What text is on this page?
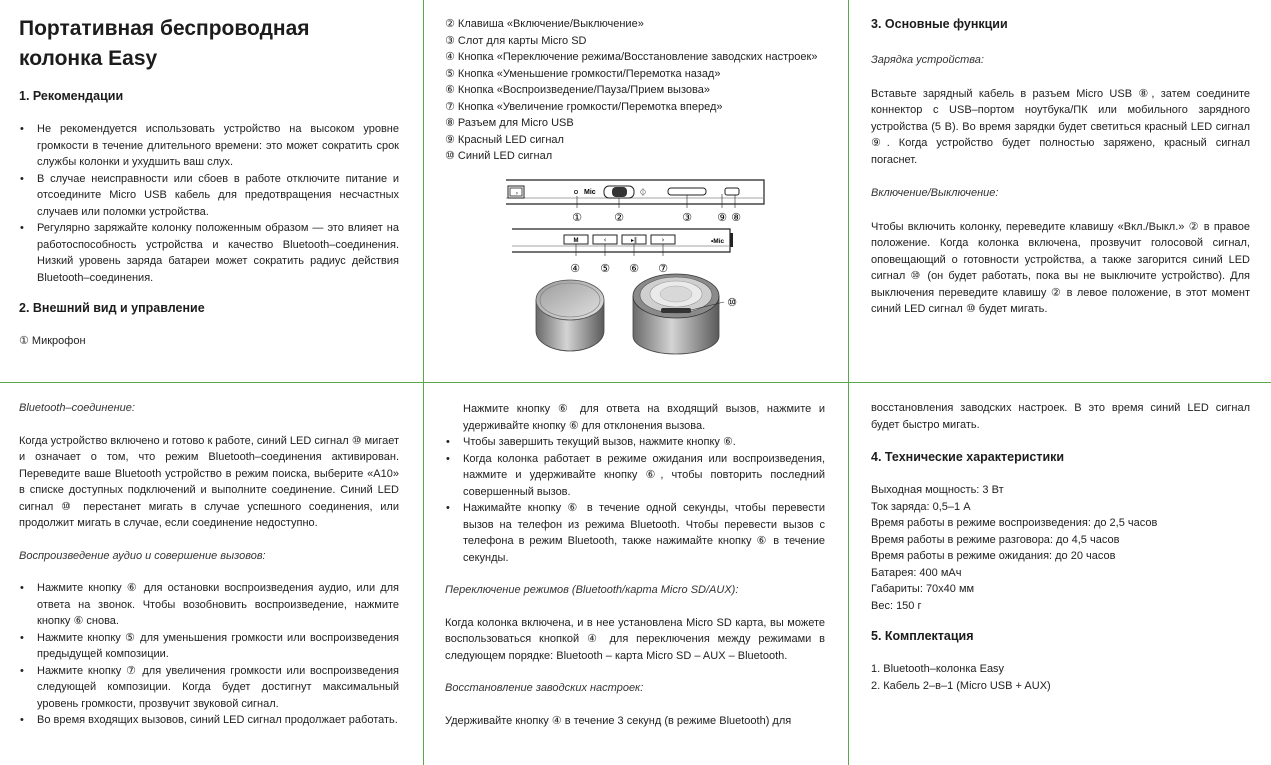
Портативная беспроводная
колонка Easy
1. Рекомендации
• Не рекомендуется использовать устройство на высоком уровне громкости в течение длительного времени: это может сократить срок службы колонки и ухудшить ваш слух.
• В случае неисправности или сбоев в работе отключите питание и отсоедините Micro USB кабель для предотвращения несчастных случаев или поломки устройства.
• Регулярно заряжайте колонку положенным образом — это влияет на работоспособность устройства и качество Bluetooth–соединения. Низкий уровень заряда батареи может сократить радиус действия Bluetooth–соединения.
2. Внешний вид и управление

① Микрофон

② Клавиша «Включение/Выключение»
③ Слот для карты Micro SD
④ Кнопка «Переключение режима/Восстановление заводских настроек»
⑤ Кнопка «Уменьшение громкости/Перемотка назад»
⑥ Кнопка «Воспроизведение/Пауза/Прием вызова»
⑦ Кнопка «Увеличение громкости/Перемотка вперед»
⑧ Разъем для Micro USB
⑨ Красный LED сигнал
⑩ Синий LED сигнал
›	Mic	⏀
①	②	③ ⑨ ⑧
M	‹	▸‖	›	•Mic
④ ⑤ ⑥ ⑦
⑩
3. Основные функции

Зарядка устройства:

Вставьте зарядный кабель в разъем Micro USB ⑧, затем соедините коннектор с USB–портом ноутбука/ПК или мобильного зарядного устройства (5 В). Во время зарядки будет светиться красный LED сигнал ⑨. Когда устройство будет полностью заряжено, красный сигнал погаснет.

Включение/Выключение:

Чтобы включить колонку, переведите клавишу «Вкл./Выкл.» ② в правое положение. Когда колонка включена, прозвучит голосовой сигнал, оповещающий о готовности устройства, а также загорится синий LED сигнал ⑩ (он будет работать, пока вы не выключите устройство). Для выключения переведите клавишу ② в левое положение, в этот момент синий LED сигнал ⑩ будет мигать.

Bluetooth–соединение:

Когда устройство включено и готово к работе, синий LED сигнал ⑩ мигает и означает о том, что режим Bluetooth–соединения активирован. Переведите ваше Bluetooth устройство в режим поиска, выберите «A10» в списке доступных подключений и выполните соединение. Синий LED сигнал ⑩ перестанет мигать в случае успешного соединения, или продолжит мигать в случае, если соединение недоступно.

Воспроизведение аудио и совершение вызовов:

• Нажмите кнопку ⑥ для остановки воспроизведения аудио, или для ответа на звонок. Чтобы возобновить воспроизведение, нажмите кнопку ⑥ снова.
• Нажмите кнопку ⑤ для уменьшения громкости или воспроизведения предыдущей композиции.
• Нажмите кнопку ⑦ для увеличения громкости или воспроизведения следующей композиции. Когда будет достигнут максимальный уровень громкости, прозвучит звуковой сигнал.
• Во время входящих вызовов, синий LED сигнал продолжает работать.

Нажмите кнопку ⑥ для ответа на входящий вызов, нажмите и удерживайте кнопку ⑥ для отклонения вызова.

• Чтобы завершить текущий вызов, нажмите кнопку ⑥.
• Когда колонка работает в режиме ожидания или воспроизведения, нажмите и удерживайте кнопку ⑥, чтобы повторить последний совершенный вызов.
• Нажимайте кнопку ⑥ в течение одной секунды, чтобы перевести вызов на телефон из режима Bluetooth. Чтобы перевести вызов с телефона в режим Bluetooth, также нажимайте кнопку ⑥ в течение секунды.

Переключение режимов (Bluetooth/карта Micro SD/AUX):

Когда колонка включена, и в нее установлена Micro SD карта, вы можете воспользоваться кнопкой ④ для переключения между режимами в следующем порядке: Bluetooth – карта Micro SD – AUX – Bluetooth.

Восстановление заводских настроек:

Удерживайте кнопку ④ в течение 3 секунд (в режиме Bluetooth) для

восстановления заводских настроек. В это время синий LED сигнал будет быстро мигать.

4. Технические характеристики
Выходная мощность: 3 Вт
Ток заряда: 0,5–1 А
Время работы в режиме воспроизведения: до 2,5 часов
Время работы в режиме разговора: до 4,5 часов
Время работы в режиме ожидания: до 20 часов
Батарея: 400 мАч
Габариты: 70х40 мм
Вес: 150 г
5. Комплектация
1. Bluetooth–колонка Easy
2. Кабель 2–в–1 (Micro USB + AUX)
